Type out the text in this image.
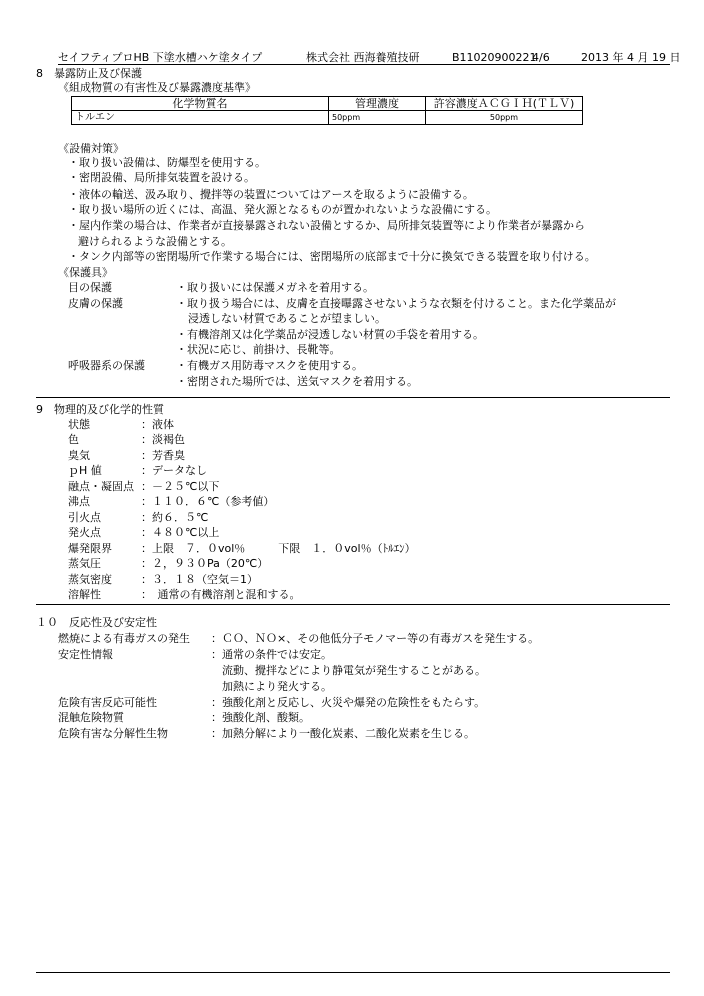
セイフティプロHB 下塗水槽ハケ塗タイプ	株式会社 西海養殖技研	B11020900221
4/6	2013 年 4 月 19 日
8　暴露防止及び保護
《組成物質の有害性及び暴露濃度基準》
化学物質名	管理濃度	許容濃度ＡＣＧＩＨ(ＴＬＶ)
トルエン	50ppm	50ppm
《設備対策》
・取り扱い設備は、防爆型を使用する。
・密閉設備、局所排気装置を設ける。
・液体の輸送、汲み取り、攪拌等の装置についてはアースを取るように設備する。
・取り扱い場所の近くには、高温、発火源となるものが置かれないような設備にする。
・屋内作業の場合は、作業者が直接暴露されない設備とするか、局所排気装置等により作業者が暴露から
避けられるような設備とする。
・タンク内部等の密閉場所で作業する場合には、密閉場所の底部まで十分に換気できる装置を取り付ける。
《保護具》
目の保護	・取り扱いには保護メガネを着用する。
皮膚の保護	・取り扱う場合には、皮膚を直接曝露させないような衣類を付けること。また化学薬品が
浸透しない材質であることが望ましい。
・有機溶剤又は化学薬品が浸透しない材質の手袋を着用する。
・状況に応じ、前掛け、長靴等。
呼吸器系の保護	・有機ガス用防毒マスクを使用する。
・密閉された場所では、送気マスクを着用する。
9　物理的及び化学的性質
状態	：液体
色	：淡褐色
臭気	：芳香臭
ｐH 値	：データなし
融点・凝固点 ：－２５℃以下
沸点	：１１０．６℃（参考値）
引火点	：約６．５℃
発火点	：４８０℃以上
爆発限界	：上限　７．０vol％　　　下限　１．０vol％（ﾄﾙｴﾝ）
蒸気圧	：２，９３０Pa（20℃）
蒸気密度	：３．１８（空気＝1）
溶解性	：　通常の有機溶剤と混和する。
１０　反応性及び安定性
燃焼による有毒ガスの発生 ：ＣＯ、ＮＯ×、その他低分子モノマー等の有毒ガスを発生する。
安定性情報	：通常の条件では安定。
流動、攪拌などにより静電気が発生することがある。
加熱により発火する。
危険有害反応可能性	：強酸化剤と反応し、火災や爆発の危険性をもたらす。
混触危険物質	：強酸化剤、酸類。
危険有害な分解性生物	：加熱分解により一酸化炭素、二酸化炭素を生じる。
